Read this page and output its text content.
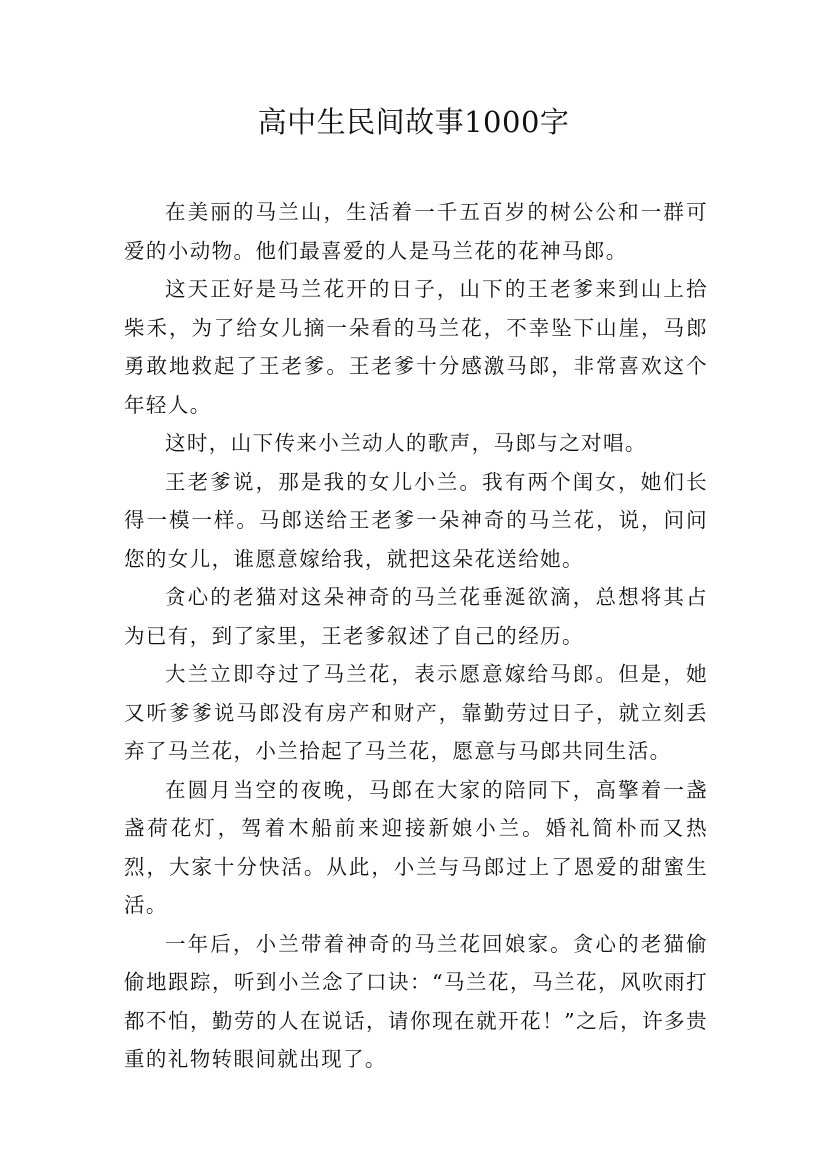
高中生民间故事1000字

在美丽的马兰山，生活着一千五百岁的树公公和一群可爱的小动物。他们最喜爱的人是马兰花的花神马郎。

这天正好是马兰花开的日子，山下的王老爹来到山上拾柴禾，为了给女儿摘一朵看的马兰花，不幸坠下山崖，马郎勇敢地救起了王老爹。王老爹十分感激马郎，非常喜欢这个年轻人。

这时，山下传来小兰动人的歌声，马郎与之对唱。

王老爹说，那是我的女儿小兰。我有两个闺女，她们长得一模一样。马郎送给王老爹一朵神奇的马兰花，说，问问您的女儿，谁愿意嫁给我，就把这朵花送给她。

贪心的老猫对这朵神奇的马兰花垂涎欲滴，总想将其占为已有，到了家里，王老爹叙述了自己的经历。

大兰立即夺过了马兰花，表示愿意嫁给马郎。但是，她又听爹爹说马郎没有房产和财产，靠勤劳过日子，就立刻丢弃了马兰花，小兰拾起了马兰花，愿意与马郎共同生活。

在圆月当空的夜晚，马郎在大家的陪同下，高擎着一盏盏荷花灯，驾着木船前来迎接新娘小兰。婚礼简朴而又热烈，大家十分快活。从此，小兰与马郎过上了恩爱的甜蜜生活。

一年后，小兰带着神奇的马兰花回娘家。贪心的老猫偷偷地跟踪，听到小兰念了口诀：“马兰花，马兰花，风吹雨打都不怕，勤劳的人在说话，请你现在就开花！”之后，许多贵重的礼物转眼间就出现了。
